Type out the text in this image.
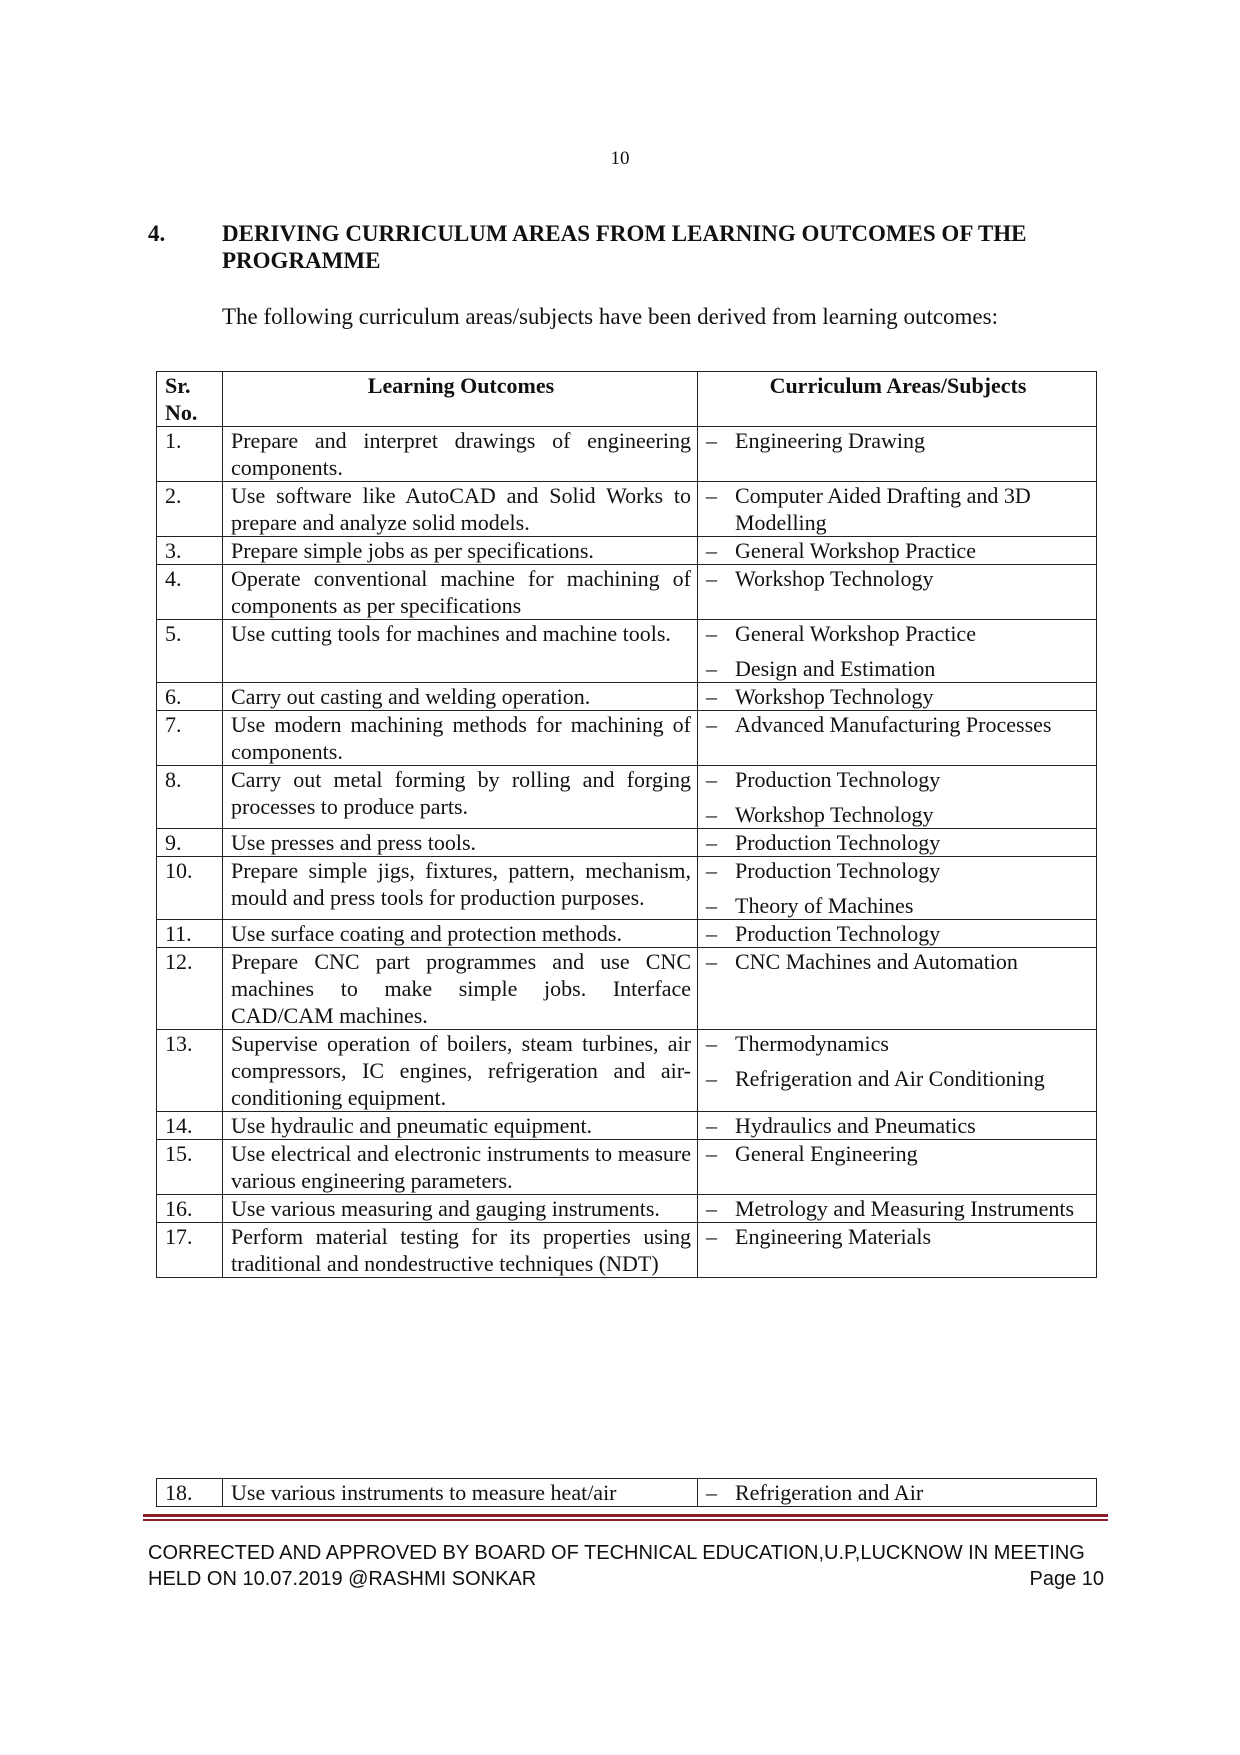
10
4. DERIVING CURRICULUM AREAS FROM LEARNING OUTCOMES OF THE PROGRAMME
The following curriculum areas/subjects have been derived from learning outcomes:
Sr. No.	Learning Outcomes	Curriculum Areas/Subjects
1.	Prepare and interpret drawings of engineering components.	– Engineering Drawing

2.	Use software like AutoCAD and Solid Works to prepare and analyze solid models.	– Computer Aided Drafting and 3D Modelling

3.	Prepare simple jobs as per specifications.	– General Workshop Practice

4.	Operate conventional machine for machining of components as per specifications	– Workshop Technology

5.	Use cutting tools for machines and machine tools.	– General Workshop Practice
– Design and Estimation

6.	Carry out casting and welding operation.	– Workshop Technology

7.	Use modern machining methods for machining of components.	– Advanced Manufacturing Processes

8.	Carry out metal forming by rolling and forging processes to produce parts.	– Production Technology
– Workshop Technology

9.	Use presses and press tools.	– Production Technology

10.	Prepare simple jigs, fixtures, pattern, mechanism, mould and press tools for production purposes.	– Production Technology
– Theory of Machines

11.	Use surface coating and protection methods.	– Production Technology

12.	Prepare CNC part programmes and use CNC machines to make simple jobs. Interface CAD/CAM machines.	– CNC Machines and Automation

13.	Supervise operation of boilers, steam turbines, air compressors, IC engines, refrigeration and air-conditioning equipment.	– Thermodynamics
– Refrigeration and Air Conditioning

14.	Use hydraulic and pneumatic equipment.	– Hydraulics and Pneumatics

15.	Use electrical and electronic instruments to measure various engineering parameters.	– General Engineering

16.	Use various measuring and gauging instruments.	– Metrology and Measuring Instruments

17.	Perform material testing for its properties using traditional and nondestructive techniques (NDT)	– Engineering Materials
18.	Use various instruments to measure heat/air	– Refrigeration and Air
CORRECTED AND APPROVED BY BOARD OF TECHNICAL EDUCATION,U.P,LUCKNOW IN MEETING
HELD ON 10.07.2019 @RASHMI SONKAR	Page 10
